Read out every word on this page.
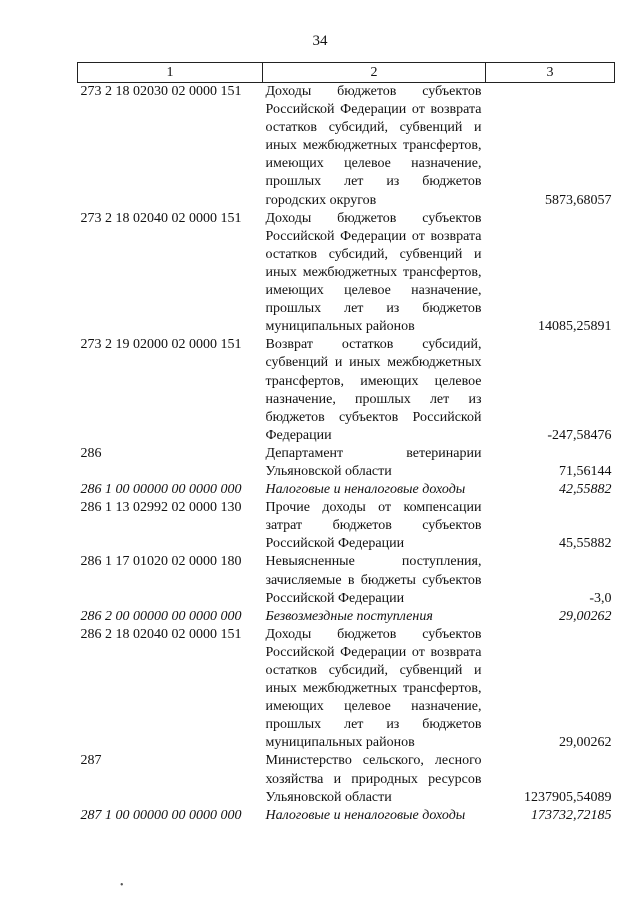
34
1	2	3
273 2 18 02030 02 0000 151	Доходы бюджетов субъектов Российской Федерации от возврата остатков субсидий, субвенций и иных межбюджетных трансфертов, имеющих целевое назначение, прошлых лет из бюджетов городских округов	5873,68057
273 2 18 02040 02 0000 151	Доходы бюджетов субъектов Российской Федерации от возврата остатков субсидий, субвенций и иных межбюджетных трансфертов, имеющих целевое назначение, прошлых лет из бюджетов муниципальных районов	14085,25891
273 2 19 02000 02 0000 151	Возврат остатков субсидий, субвенций и иных межбюджетных трансфертов, имеющих целевое назначение, прошлых лет из бюджетов субъектов Российской Федерации	-247,58476
286	Департамент ветеринарии Ульяновской области	71,56144
286 1 00 00000 00 0000 000	Налоговые и неналоговые доходы	42,55882
286 1 13 02992 02 0000 130	Прочие доходы от компенсации затрат бюджетов субъектов Российской Федерации	45,55882
286 1 17 01020 02 0000 180	Невыясненные поступления, зачисляемые в бюджеты субъектов Российской Федерации	-3,0
286 2 00 00000 00 0000 000	Безвозмездные поступления	29,00262
286 2 18 02040 02 0000 151	Доходы бюджетов субъектов Российской Федерации от возврата остатков субсидий, субвенций и иных межбюджетных трансфертов, имеющих целевое назначение, прошлых лет из бюджетов муниципальных районов	29,00262
287	Министерство сельского, лесного хозяйства и природных ресурсов Ульяновской области	1237905,54089
287 1 00 00000 00 0000 000	Налоговые и неналоговые доходы	173732,72185
•
